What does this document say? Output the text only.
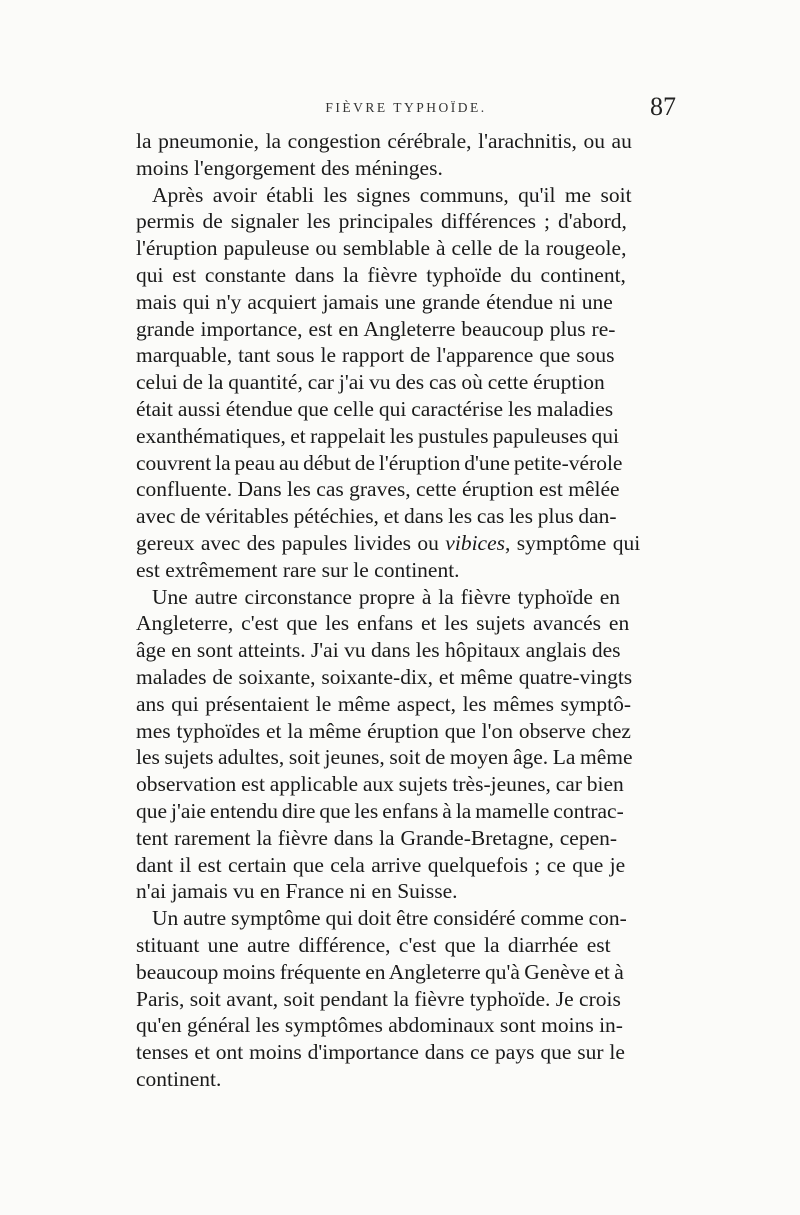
FIÈVRE TYPHOÏDE.	87
la pneumonie, la congestion cérébrale, l'arachnitis, ou au
moins l'engorgement des méninges.
Après avoir établi les signes communs, qu'il me soit
permis de signaler les principales différences ; d'abord,
l'éruption papuleuse ou semblable à celle de la rougeole,
qui est constante dans la fièvre typhoïde du continent,
mais qui n'y acquiert jamais une grande étendue ni une
grande importance, est en Angleterre beaucoup plus re-
marquable, tant sous le rapport de l'apparence que sous
celui de la quantité, car j'ai vu des cas où cette éruption
était aussi étendue que celle qui caractérise les maladies
exanthématiques, et rappelait les pustules papuleuses qui
couvrent la peau au début de l'éruption d'une petite-vérole
confluente. Dans les cas graves, cette éruption est mêlée
avec de véritables pétéchies, et dans les cas les plus dan-
gereux avec des papules livides ou vibices, symptôme qui
est extrêmement rare sur le continent.
Une autre circonstance propre à la fièvre typhoïde en
Angleterre, c'est que les enfans et les sujets avancés en
âge en sont atteints. J'ai vu dans les hôpitaux anglais des
malades de soixante, soixante-dix, et même quatre-vingts
ans qui présentaient le même aspect, les mêmes symptô-
mes typhoïdes et la même éruption que l'on observe chez
les sujets adultes, soit jeunes, soit de moyen âge. La même
observation est applicable aux sujets très-jeunes, car bien
que j'aie entendu dire que les enfans à la mamelle contrac-
tent rarement la fièvre dans la Grande-Bretagne, cepen-
dant il est certain que cela arrive quelquefois ; ce que je
n'ai jamais vu en France ni en Suisse.
Un autre symptôme qui doit être considéré comme con-
stituant une autre différence, c'est que la diarrhée est
beaucoup moins fréquente en Angleterre qu'à Genève et à
Paris, soit avant, soit pendant la fièvre typhoïde. Je crois
qu'en général les symptômes abdominaux sont moins in-
tenses et ont moins d'importance dans ce pays que sur le
continent.
